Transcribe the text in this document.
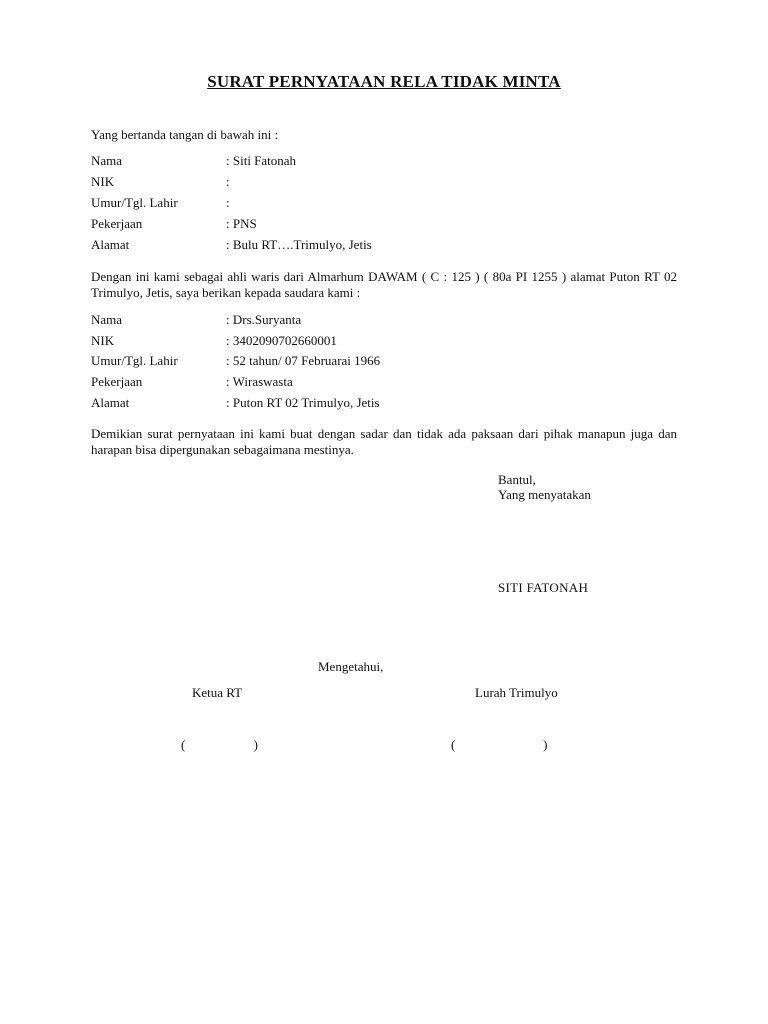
SURAT PERNYATAAN RELA TIDAK MINTA
Yang bertanda tangan di bawah ini :
Nama	: Siti Fatonah
NIK	:
Umur/Tgl. Lahir	:
Pekerjaan	: PNS
Alamat	: Bulu RT….Trimulyo, Jetis
Dengan ini kami sebagai ahli waris dari Almarhum DAWAM ( C : 125 ) ( 80a PI 1255 ) alamat Puton RT 02 Trimulyo, Jetis, saya berikan kepada saudara kami :
Nama	: Drs.Suryanta
NIK	: 3402090702660001
Umur/Tgl. Lahir	: 52 tahun/ 07 Februarai 1966
Pekerjaan	: Wiraswasta
Alamat	: Puton RT 02 Trimulyo, Jetis
Demikian surat pernyataan ini kami buat dengan sadar dan tidak ada paksaan dari pihak manapun juga dan harapan bisa dipergunakan sebagaimana mestinya.
Bantul,
Yang menyatakan
SITI FATONAH
Mengetahui,
Ketua RT	Lurah Trimulyo
(                     )	(                           )
